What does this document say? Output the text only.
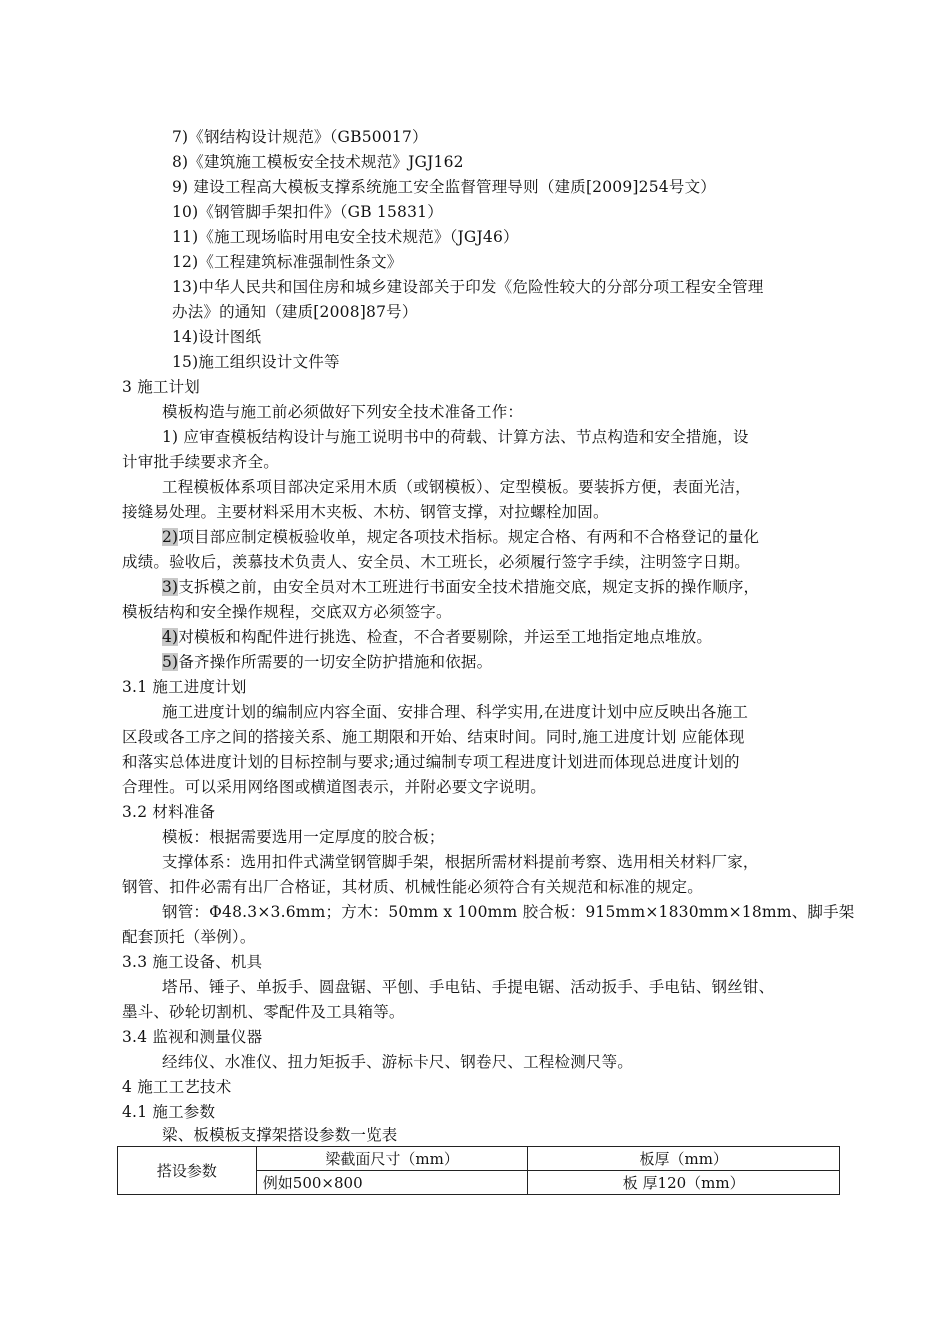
7)《钢结构设计规范》（GB50017）
8)《建筑施工模板安全技术规范》JGJ162
9) 建设工程高大模板支撑系统施工安全监督管理导则（建质[2009]254号文）
10)《钢管脚手架扣件》（GB 15831）
11)《施工现场临时用电安全技术规范》（JGJ46）
12)《工程建筑标准强制性条文》
13)中华人民共和国住房和城乡建设部关于印发《危险性较大的分部分项工程安全管理
办法》的通知（建质[2008]87号）
14)设计图纸
15)施工组织设计文件等
3 施工计划
模板构造与施工前必须做好下列安全技术准备工作：
1) 应审查模板结构设计与施工说明书中的荷载、计算方法、节点构造和安全措施，设
计审批手续要求齐全。
工程模板体系项目部决定采用木质（或钢模板）、定型模板。要装拆方便，表面光洁，
接缝易处理。主要材料采用木夹板、木枋、钢管支撑，对拉螺栓加固。
2)项目部应制定模板验收单，规定各项技术指标。规定合格、有两和不合格登记的量化
成绩。验收后，羡慕技术负责人、安全员、木工班长，必须履行签字手续，注明签字日期。
3)支拆模之前，由安全员对木工班进行书面安全技术措施交底，规定支拆的操作顺序，
模板结构和安全操作规程，交底双方必须签字。
4)对模板和构配件进行挑选、检查，不合者要剔除，并运至工地指定地点堆放。
5)备齐操作所需要的一切安全防护措施和依据。
3.1 施工进度计划
施工进度计划的编制应内容全面、安排合理、科学实用,在进度计划中应反映出各施工
区段或各工序之间的搭接关系、施工期限和开始、结束时间。同时,施工进度计划 应能体现
和落实总体进度计划的目标控制与要求;通过编制专项工程进度计划进而体现总进度计划的
合理性。可以采用网络图或横道图表示，并附必要文字说明。
3.2 材料准备
模板：根据需要选用一定厚度的胶合板；
支撑体系：选用扣件式满堂钢管脚手架，根据所需材料提前考察、选用相关材料厂家，
钢管、扣件必需有出厂合格证，其材质、机械性能必须符合有关规范和标准的规定。
钢管：Φ48.3×3.6mm；方木：50mm x 100mm 胶合板：915mm×1830mm×18mm、脚手架
配套顶托（举例）。
3.3 施工设备、机具
塔吊、锤子、单扳手、圆盘锯、平刨、手电钻、手提电锯、活动扳手、手电钻、钢丝钳、
墨斗、砂轮切割机、零配件及工具箱等。
3.4 监视和测量仪器
经纬仪、水准仪、扭力矩扳手、游标卡尺、钢卷尺、工程检测尺等。
4 施工工艺技术
4.1 施工参数
梁、板模板支撑架搭设参数一览表
搭设参数	梁截面尺寸（mm）	板厚（mm）
	例如500×800	板 厚120（mm）
